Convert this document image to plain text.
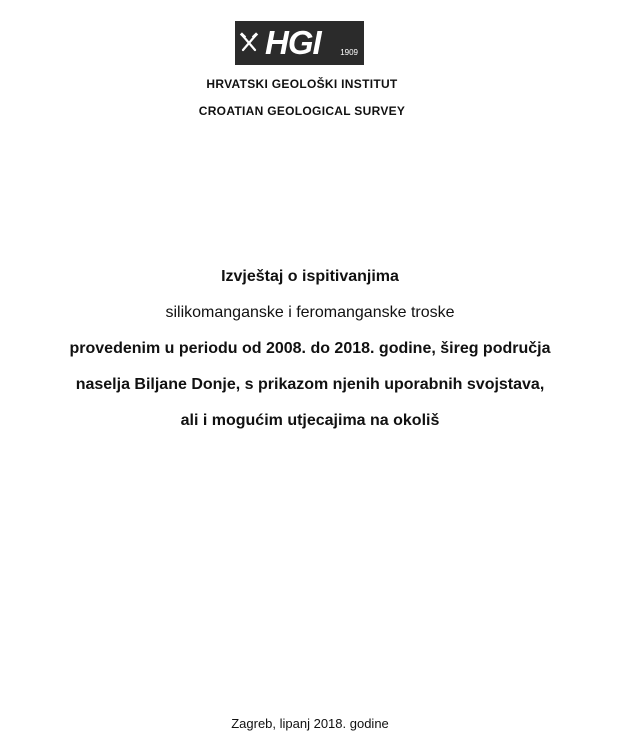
HGI 1909
HRVATSKI GEOLOŠKI INSTITUT
CROATIAN GEOLOGICAL SURVEY
Izvještaj o ispitivanjima
silikomanganske i feromanganske troske
provedenim u periodu od 2008. do 2018. godine, šireg područja
naselja Biljane Donje, s prikazom njenih uporabnih svojstava,
ali i mogućim utjecajima na okoliš
Zagreb, lipanj 2018. godine
